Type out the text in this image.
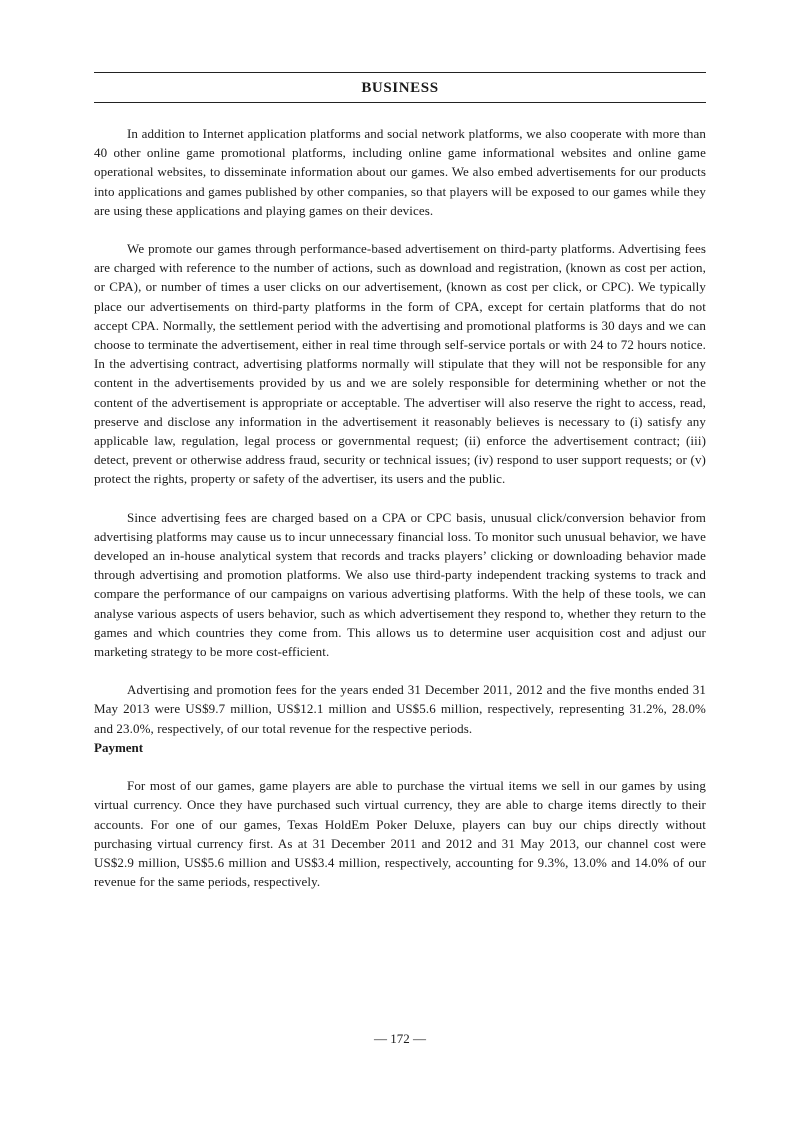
BUSINESS

In addition to Internet application platforms and social network platforms, we also cooperate with more than 40 other online game promotional platforms, including online game informational websites and online game operational websites, to disseminate information about our games. We also embed advertisements for our products into applications and games published by other companies, so that players will be exposed to our games while they are using these applications and playing games on their devices.

We promote our games through performance-based advertisement on third-party platforms. Advertising fees are charged with reference to the number of actions, such as download and registration, (known as cost per action, or CPA), or number of times a user clicks on our advertisement, (known as cost per click, or CPC). We typically place our advertisements on third-party platforms in the form of CPA, except for certain platforms that do not accept CPA. Normally, the settlement period with the advertising and promotional platforms is 30 days and we can choose to terminate the advertisement, either in real time through self-service portals or with 24 to 72 hours notice. In the advertising contract, advertising platforms normally will stipulate that they will not be responsible for any content in the advertisements provided by us and we are solely responsible for determining whether or not the content of the advertisement is appropriate or acceptable. The advertiser will also reserve the right to access, read, preserve and disclose any information in the advertisement it reasonably believes is necessary to (i) satisfy any applicable law, regulation, legal process or governmental request; (ii) enforce the advertisement contract; (iii) detect, prevent or otherwise address fraud, security or technical issues; (iv) respond to user support requests; or (v) protect the rights, property or safety of the advertiser, its users and the public.

Since advertising fees are charged based on a CPA or CPC basis, unusual click/conversion behavior from advertising platforms may cause us to incur unnecessary financial loss. To monitor such unusual behavior, we have developed an in-house analytical system that records and tracks players’ clicking or downloading behavior made through advertising and promotion platforms. We also use third-party independent tracking systems to track and compare the performance of our campaigns on various advertising platforms. With the help of these tools, we can analyse various aspects of users behavior, such as which advertisement they respond to, whether they return to the games and which countries they come from. This allows us to determine user acquisition cost and adjust our marketing strategy to be more cost-efficient.

Advertising and promotion fees for the years ended 31 December 2011, 2012 and the five months ended 31 May 2013 were US$9.7 million, US$12.1 million and US$5.6 million, respectively, representing 31.2%, 28.0% and 23.0%, respectively, of our total revenue for the respective periods.

Payment

For most of our games, game players are able to purchase the virtual items we sell in our games by using virtual currency. Once they have purchased such virtual currency, they are able to charge items directly to their accounts. For one of our games, Texas HoldEm Poker Deluxe, players can buy our chips directly without purchasing virtual currency first. As at 31 December 2011 and 2012 and 31 May 2013, our channel cost were US$2.9 million, US$5.6 million and US$3.4 million, respectively, accounting for 9.3%, 13.0% and 14.0% of our revenue for the same periods, respectively.

— 172 —
